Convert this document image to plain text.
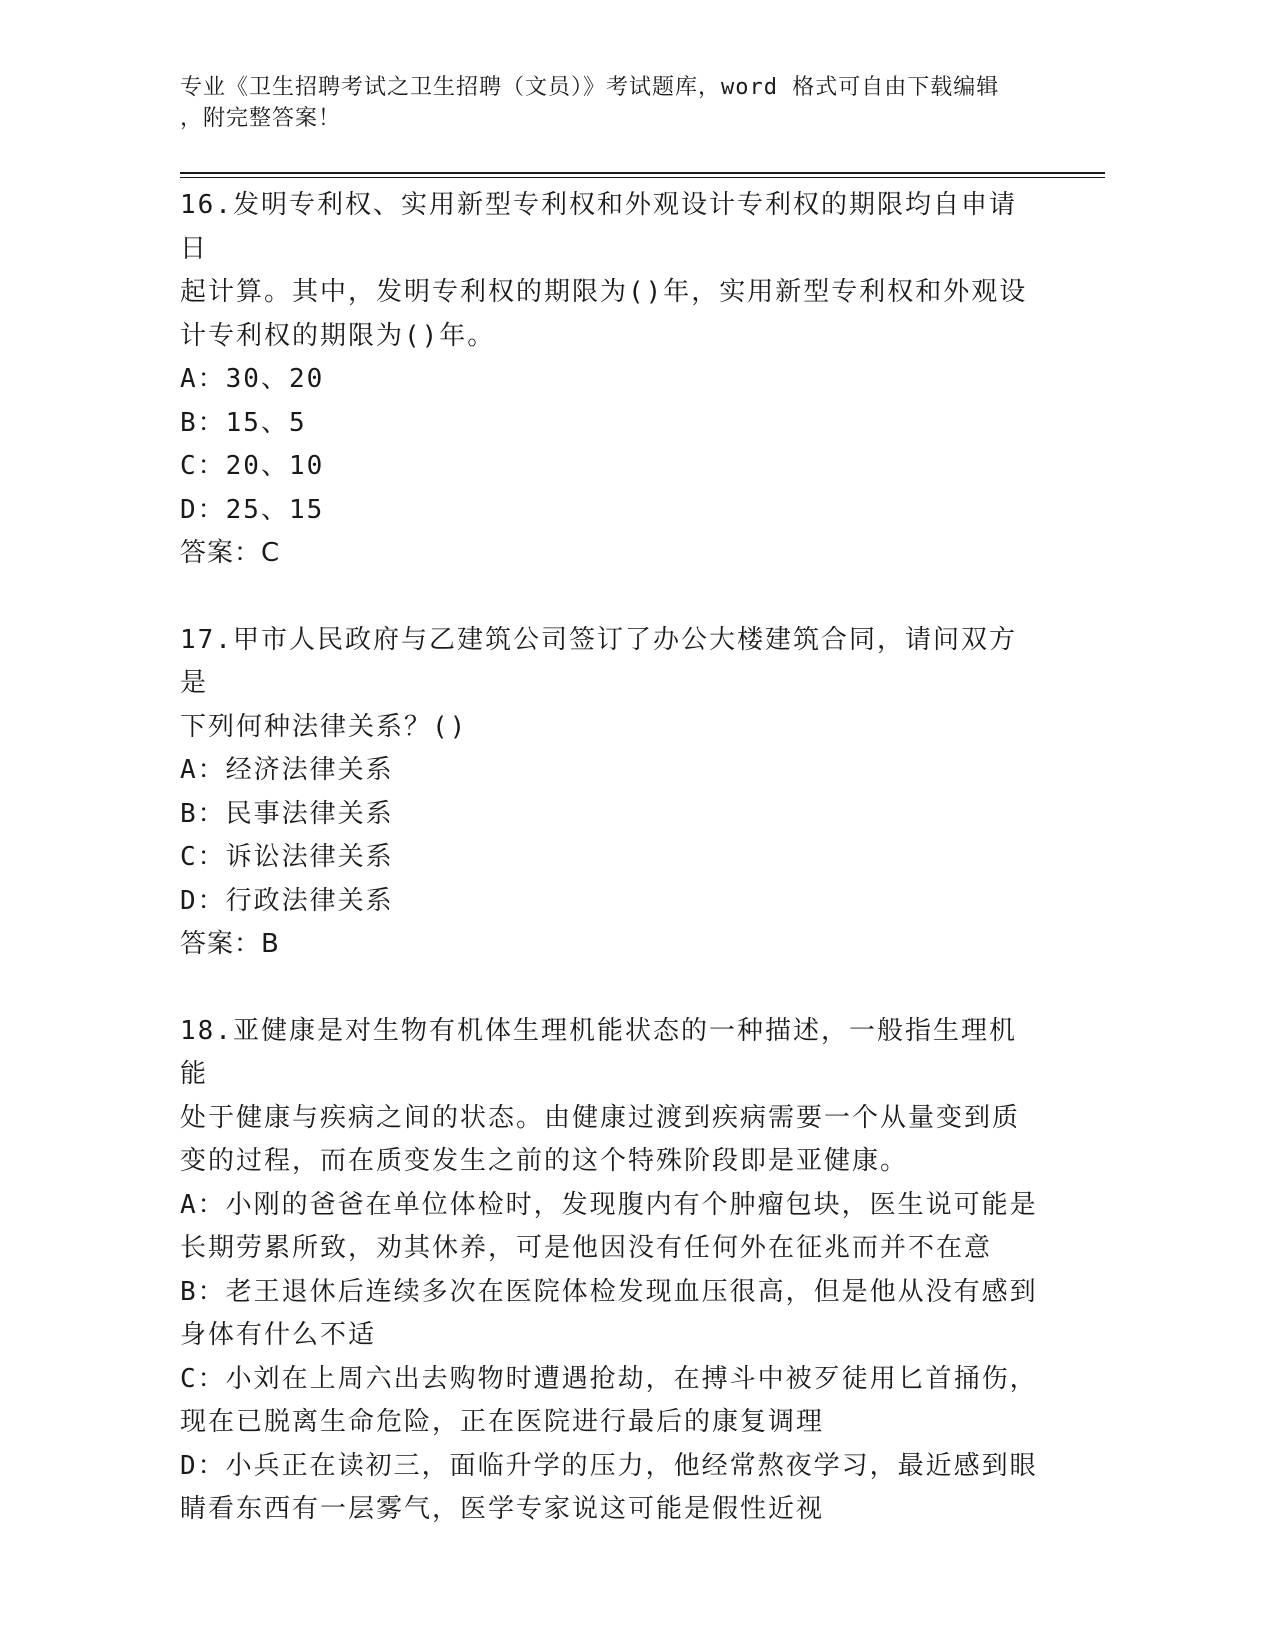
专业《卫生招聘考试之卫生招聘（文员）》考试题库，word 格式可自由下载编辑
，附完整答案！
16.发明专利权、实用新型专利权和外观设计专利权的期限均自申请日
起计算。其中，发明专利权的期限为()年，实用新型专利权和外观设
计专利权的期限为()年。
A：30、20
B：15、5
C：20、10
D：25、15
答案：C
17.甲市人民政府与乙建筑公司签订了办公大楼建筑合同，请问双方是
下列何种法律关系？()
A：经济法律关系
B：民事法律关系
C：诉讼法律关系
D：行政法律关系
答案：B
18.亚健康是对生物有机体生理机能状态的一种描述，一般指生理机能
处于健康与疾病之间的状态。由健康过渡到疾病需要一个从量变到质
变的过程，而在质变发生之前的这个特殊阶段即是亚健康。
A：小刚的爸爸在单位体检时，发现腹内有个肿瘤包块，医生说可能是
长期劳累所致，劝其休养，可是他因没有任何外在征兆而并不在意
B：老王退休后连续多次在医院体检发现血压很高，但是他从没有感到
身体有什么不适
C：小刘在上周六出去购物时遭遇抢劫，在搏斗中被歹徒用匕首捅伤，
现在已脱离生命危险，正在医院进行最后的康复调理
D：小兵正在读初三，面临升学的压力，他经常熬夜学习，最近感到眼
睛看东西有一层雾气，医学专家说这可能是假性近视
